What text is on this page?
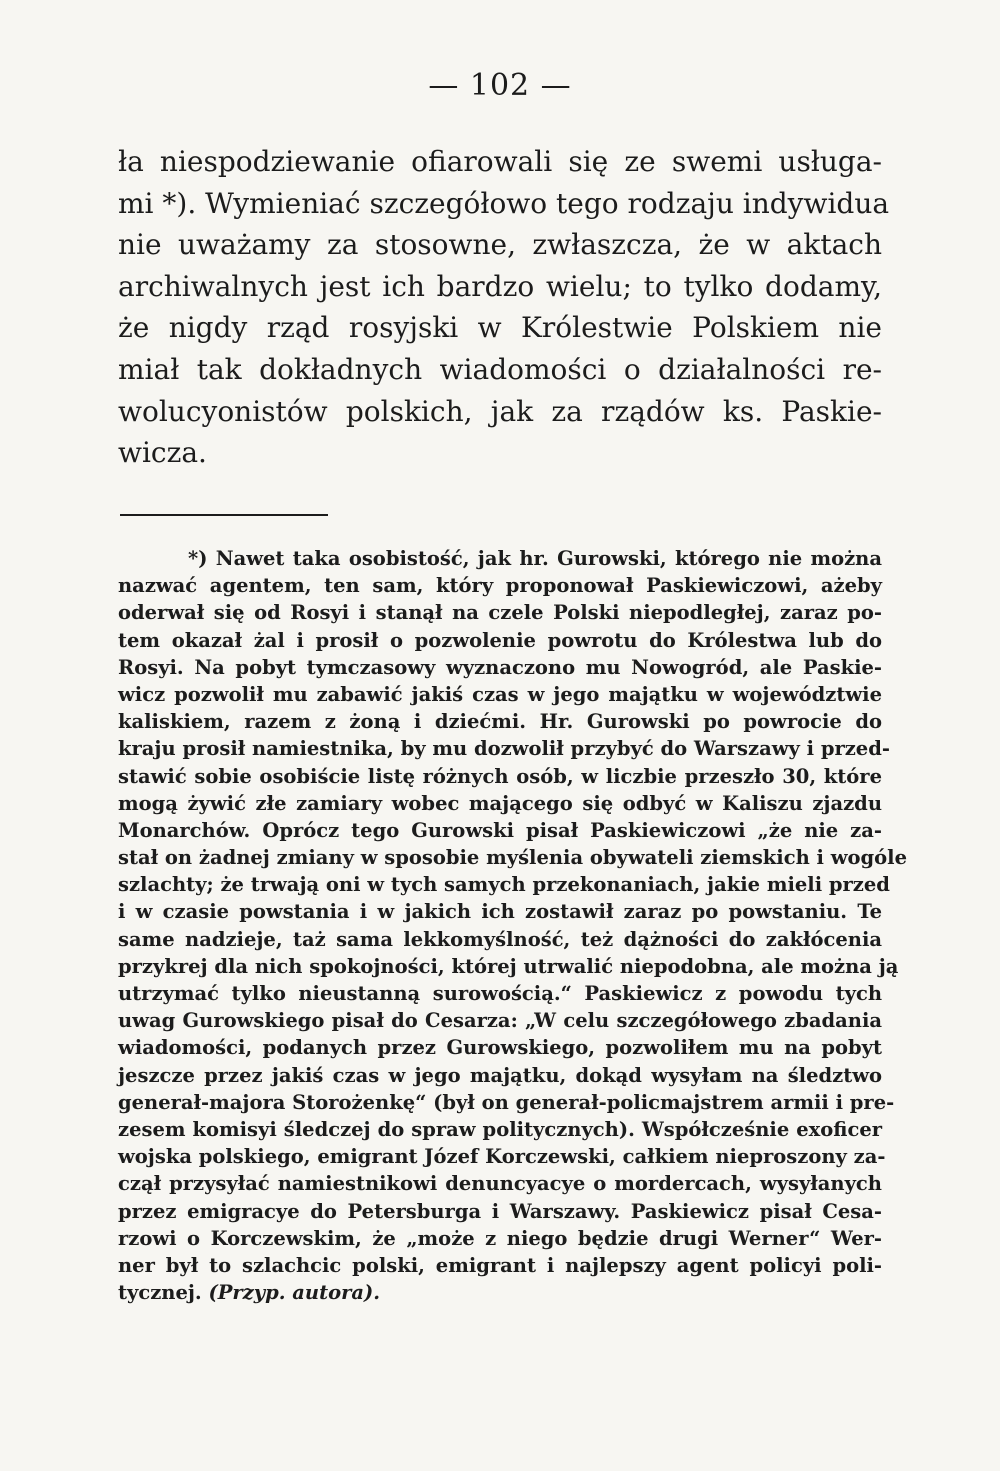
— 102 —
ła niespodziewanie ofiarowali się ze swemi usługa-
mi *). Wymieniać szczegółowo tego rodzaju indywidua
nie uważamy za stosowne, zwłaszcza, że w aktach
archiwalnych jest ich bardzo wielu; to tylko dodamy,
że nigdy rząd rosyjski w Królestwie Polskiem nie
miał tak dokładnych wiadomości o działalności re-
wolucyonistów polskich, jak za rządów ks. Paskie-
wicza.
*) Nawet taka osobistość, jak hr. Gurowski, którego nie można
nazwać agentem, ten sam, który proponował Paskiewiczowi, ażeby
oderwał się od Rosyi i stanął na czele Polski niepodległej, zaraz po-
tem okazał żal i prosił o pozwolenie powrotu do Królestwa lub do
Rosyi. Na pobyt tymczasowy wyznaczono mu Nowogród, ale Paskie-
wicz pozwolił mu zabawić jakiś czas w jego majątku w województwie
kaliskiem, razem z żoną i dziećmi. Hr. Gurowski po powrocie do
kraju prosił namiestnika, by mu dozwolił przybyć do Warszawy i przed-
stawić sobie osobiście listę różnych osób, w liczbie przeszło 30, które
mogą żywić złe zamiary wobec mającego się odbyć w Kaliszu zjazdu
Monarchów. Oprócz tego Gurowski pisał Paskiewiczowi „że nie za-
stał on żadnej zmiany w sposobie myślenia obywateli ziemskich i wogóle
szlachty; że trwają oni w tych samych przekonaniach, jakie mieli przed
i w czasie powstania i w jakich ich zostawił zaraz po powstaniu. Te
same nadzieje, taż sama lekkomyślność, też dążności do zakłócenia
przykrej dla nich spokojności, której utrwalić niepodobna, ale można ją
utrzymać tylko nieustanną surowością.“ Paskiewicz z powodu tych
uwag Gurowskiego pisał do Cesarza: „W celu szczegółowego zbadania
wiadomości, podanych przez Gurowskiego, pozwoliłem mu na pobyt
jeszcze przez jakiś czas w jego majątku, dokąd wysyłam na śledztwo
generał-majora Storożenkę“ (był on generał-policmajstrem armii i pre-
zesem komisyi śledczej do spraw politycznych). Współcześnie exoficer
wojska polskiego, emigrant Józef Korczewski, całkiem nieproszony za-
czął przysyłać namiestnikowi denuncyacye o mordercach, wysyłanych
przez emigracye do Petersburga i Warszawy. Paskiewicz pisał Cesa-
rzowi o Korczewskim, że „może z niego będzie drugi Werner“ Wer-
ner był to szlachcic polski, emigrant i najlepszy agent policyi poli-
tycznej. (Przyp. autora).
